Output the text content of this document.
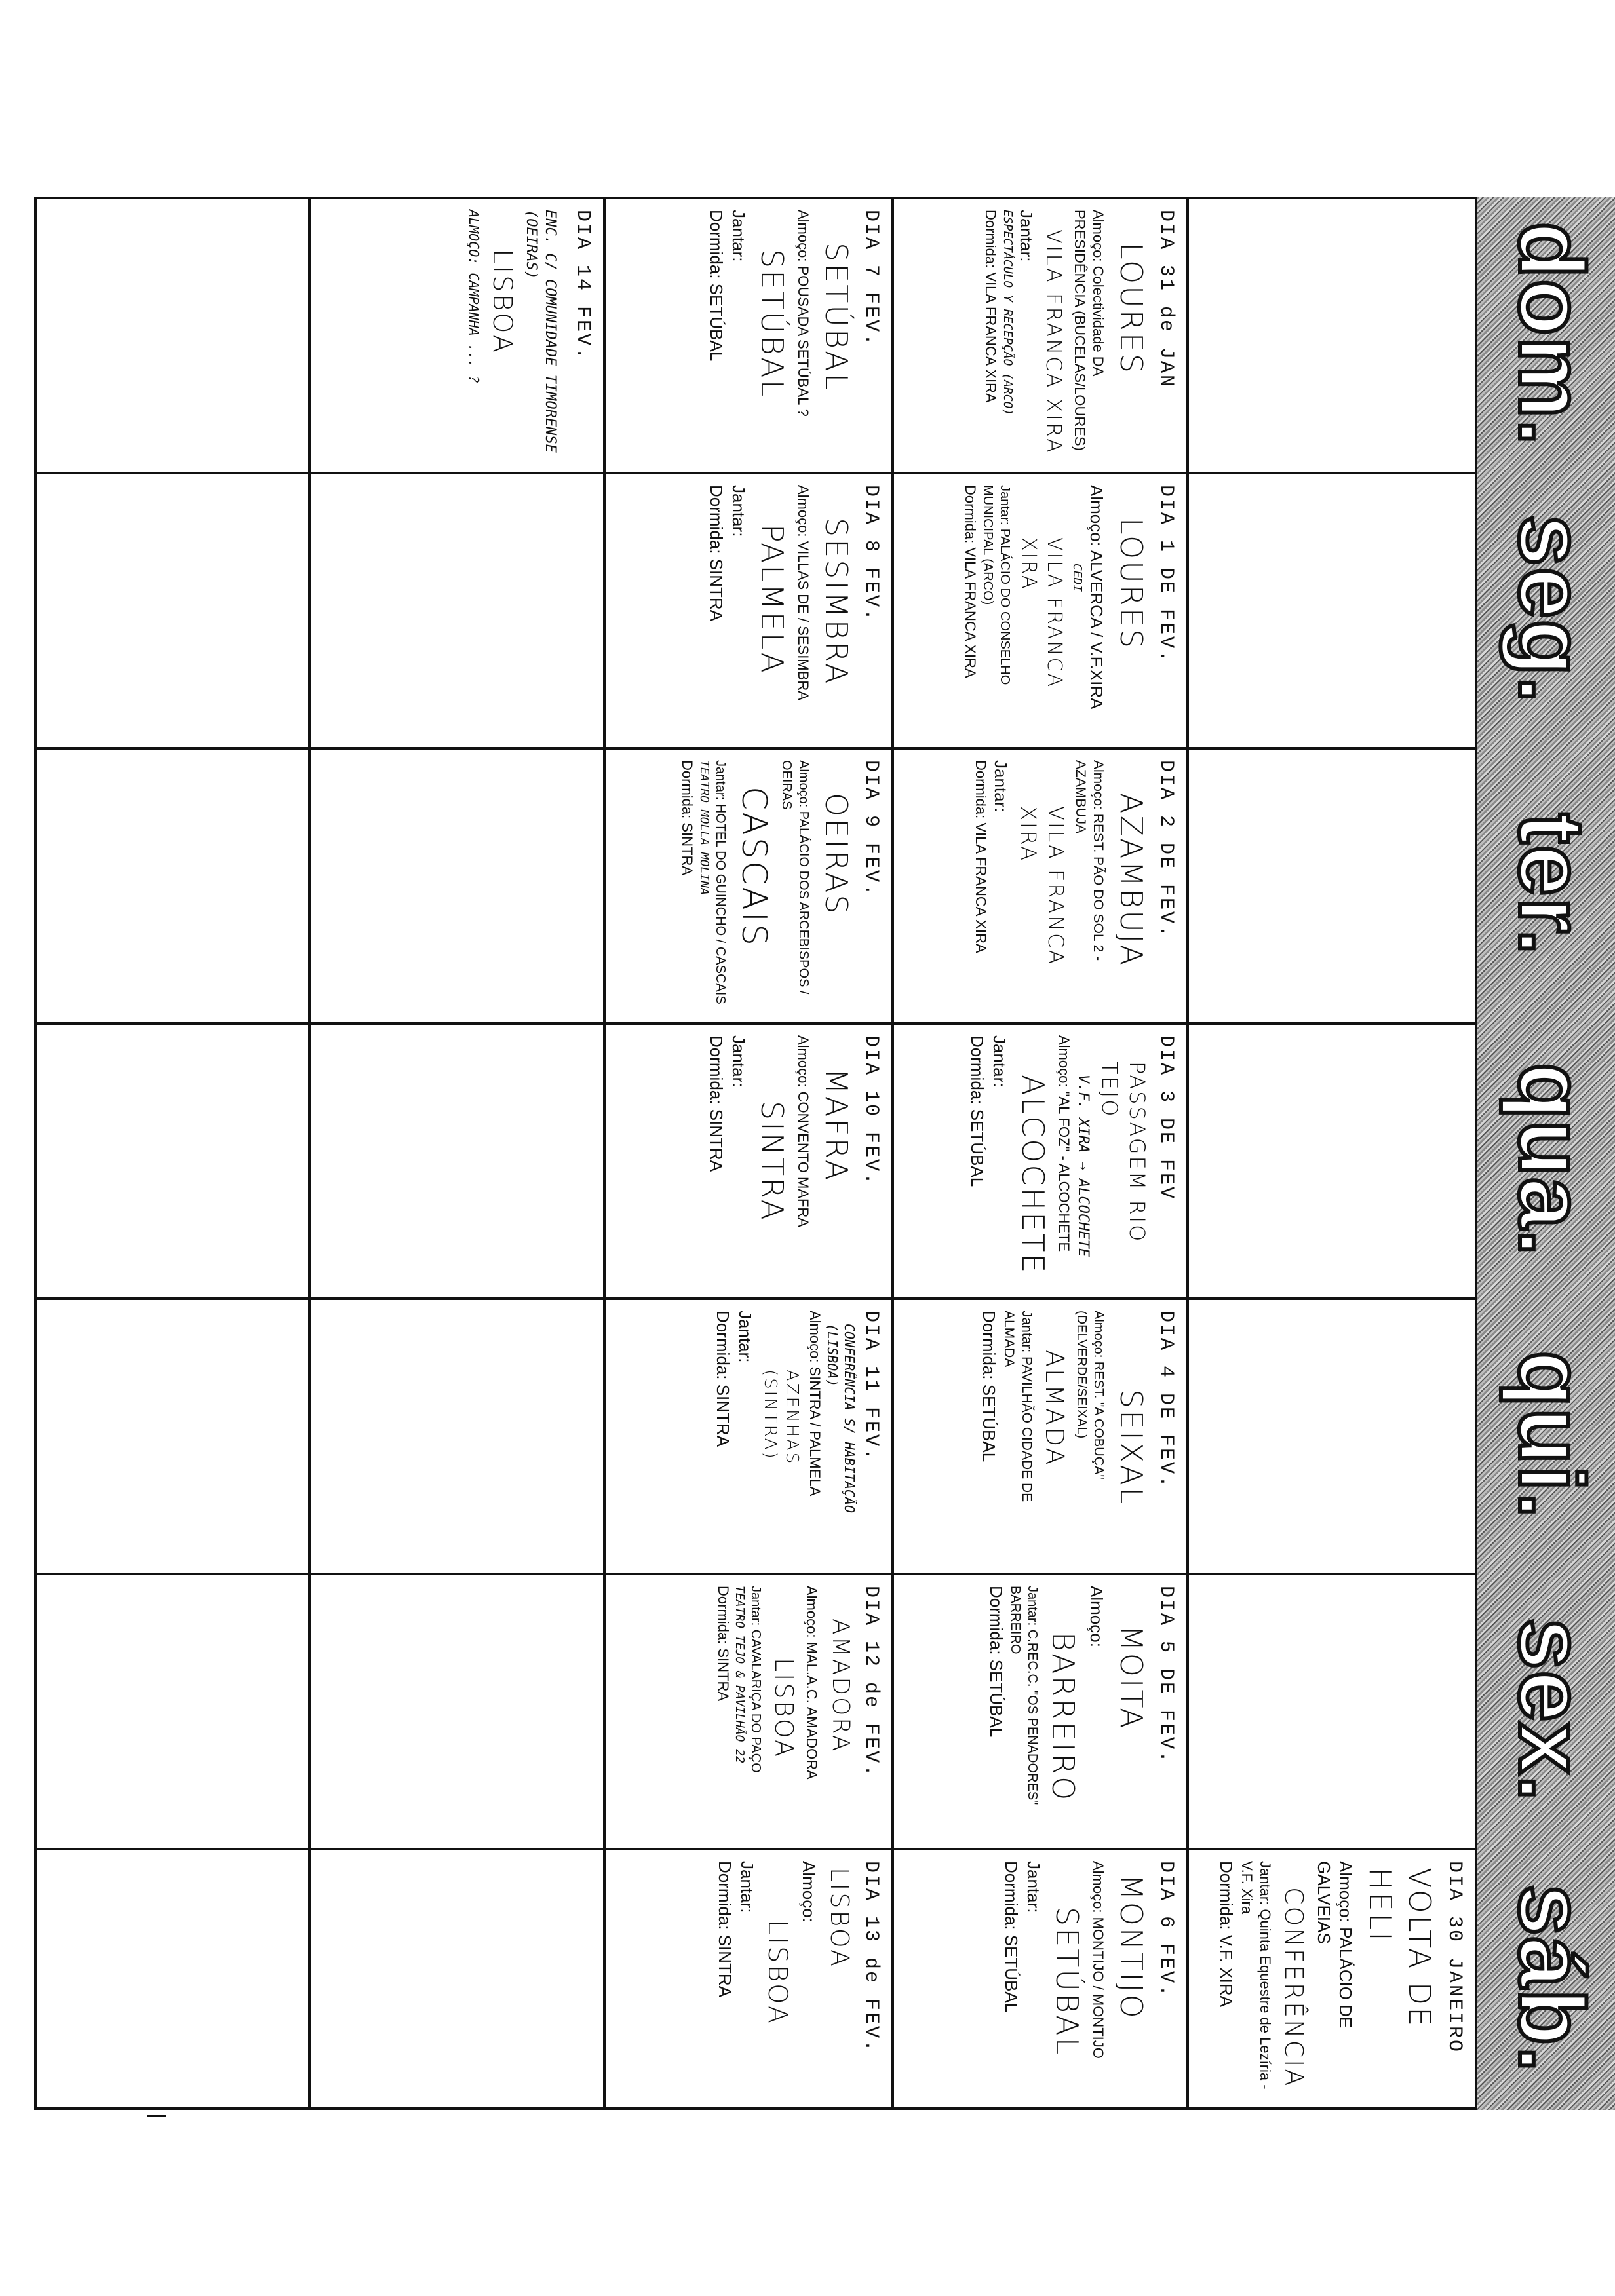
dom.
seg.
ter.
qua.
qui.
sex.
sáb.
DIA 30 JANEIRO
VOLTA DE HELI
Almoço: PALÁCIO DE GALVEIAS
CONFERÊNCIA
Jantar: Quinta Equestre de Lezíria - V.F. Xira
Dormida: V.F. XIRA
DIA 31 de JAN
LOURES
Almoço: Colectividade DA PRESIDÊNCIA (BUCELAS/LOURES)
VILA FRANCA XIRA
Jantar:
ESPECTÁCULO Y RECEPÇÃO (ARCO)
Dormida: VILA FRANCA XIRA
DIA 1 DE FEV.
LOURES
Almoço: ALVERCA / V.F.XIRA
CEDI
VILA FRANCA XIRA
Jantar: PALÁCIO DO CONSELHO MUNICIPAL (ARCO)
Dormida: VILA FRANCA XIRA
DIA 2 DE FEV.
AZAMBUJA
Almoço: REST. PÃO DO SOL 2 - AZAMBUJA
VILA FRANCA XIRA
Jantar:
Dormida: VILA FRANCA XIRA
DIA 3 DE FEV
PASSAGEM RIO TEJO
V.F. XIRA → ALCOCHETE
Almoço: "AL FOZ" - ALCOCHETE
ALCOCHETE
Jantar:
Dormida: SETÚBAL
DIA 4 DE FEV.
SEIXAL
Almoço: REST. "A COBUÇA" (DELVERDE/SEIXAL)
ALMADA
Jantar: PAVILHÃO CIDADE DE ALMADA
Dormida: SETÚBAL
DIA 5 DE FEV.
MOITA
Almoço:
BARREIRO
Jantar: C.REC.C. "OS PENADORES" BARREIRO
Dormida: SETÚBAL
DIA 6 FEV.
MONTIJO
Almoço: MONTIJO / MONTIJO
SETÚBAL
Jantar:
Dormida: SETÚBAL
DIA 7 FEV.
SETÚBAL
Almoço: POUSADA SETÚBAL ?
SETÚBAL
Jantar:
Dormida: SETÚBAL
DIA 8 FEV.
SESIMBRA
Almoço: VILLAS DE / SESIMBRA
PALMELA
Jantar:
Dormida: SINTRA
DIA 9 FEV.
OEIRAS
Almoço: PALÁCIO DOS ARCEBISPOS / OEIRAS
CASCAIS
Jantar: HOTEL DO GUINCHO / CASCAIS
TEATRO MOLLA MOLINA
Dormida: SINTRA
DIA 10 FEV.
MAFRA
Almoço: CONVENTO MAFRA
SINTRA
Jantar:
Dormida: SINTRA
DIA 11 FEV.
CONFERÊNCIA S/ HABITAÇÃO (LISBOA)
Almoço: SINTRA / PALMELA
AZENHAS (SINTRA)
Jantar:
Dormida: SINTRA
DIA 12 de FEV.
AMADORA
Almoço: MAL.A.C. AMADORA
LISBOA
Jantar: CAVALARIÇA DO PAÇO
TEATRO TEJO & PAVILHÃO 22
Dormida: SINTRA
DIA 13 de FEV.
LISBOA
Almoço:
LISBOA
Jantar:
Dormida: SINTRA
DIA 14 FEV.
ENC. C/ COMUNIDADE TIMORENSE (OEIRAS)
LISBOA
ALMOÇO: CAMPANHA ... ?
